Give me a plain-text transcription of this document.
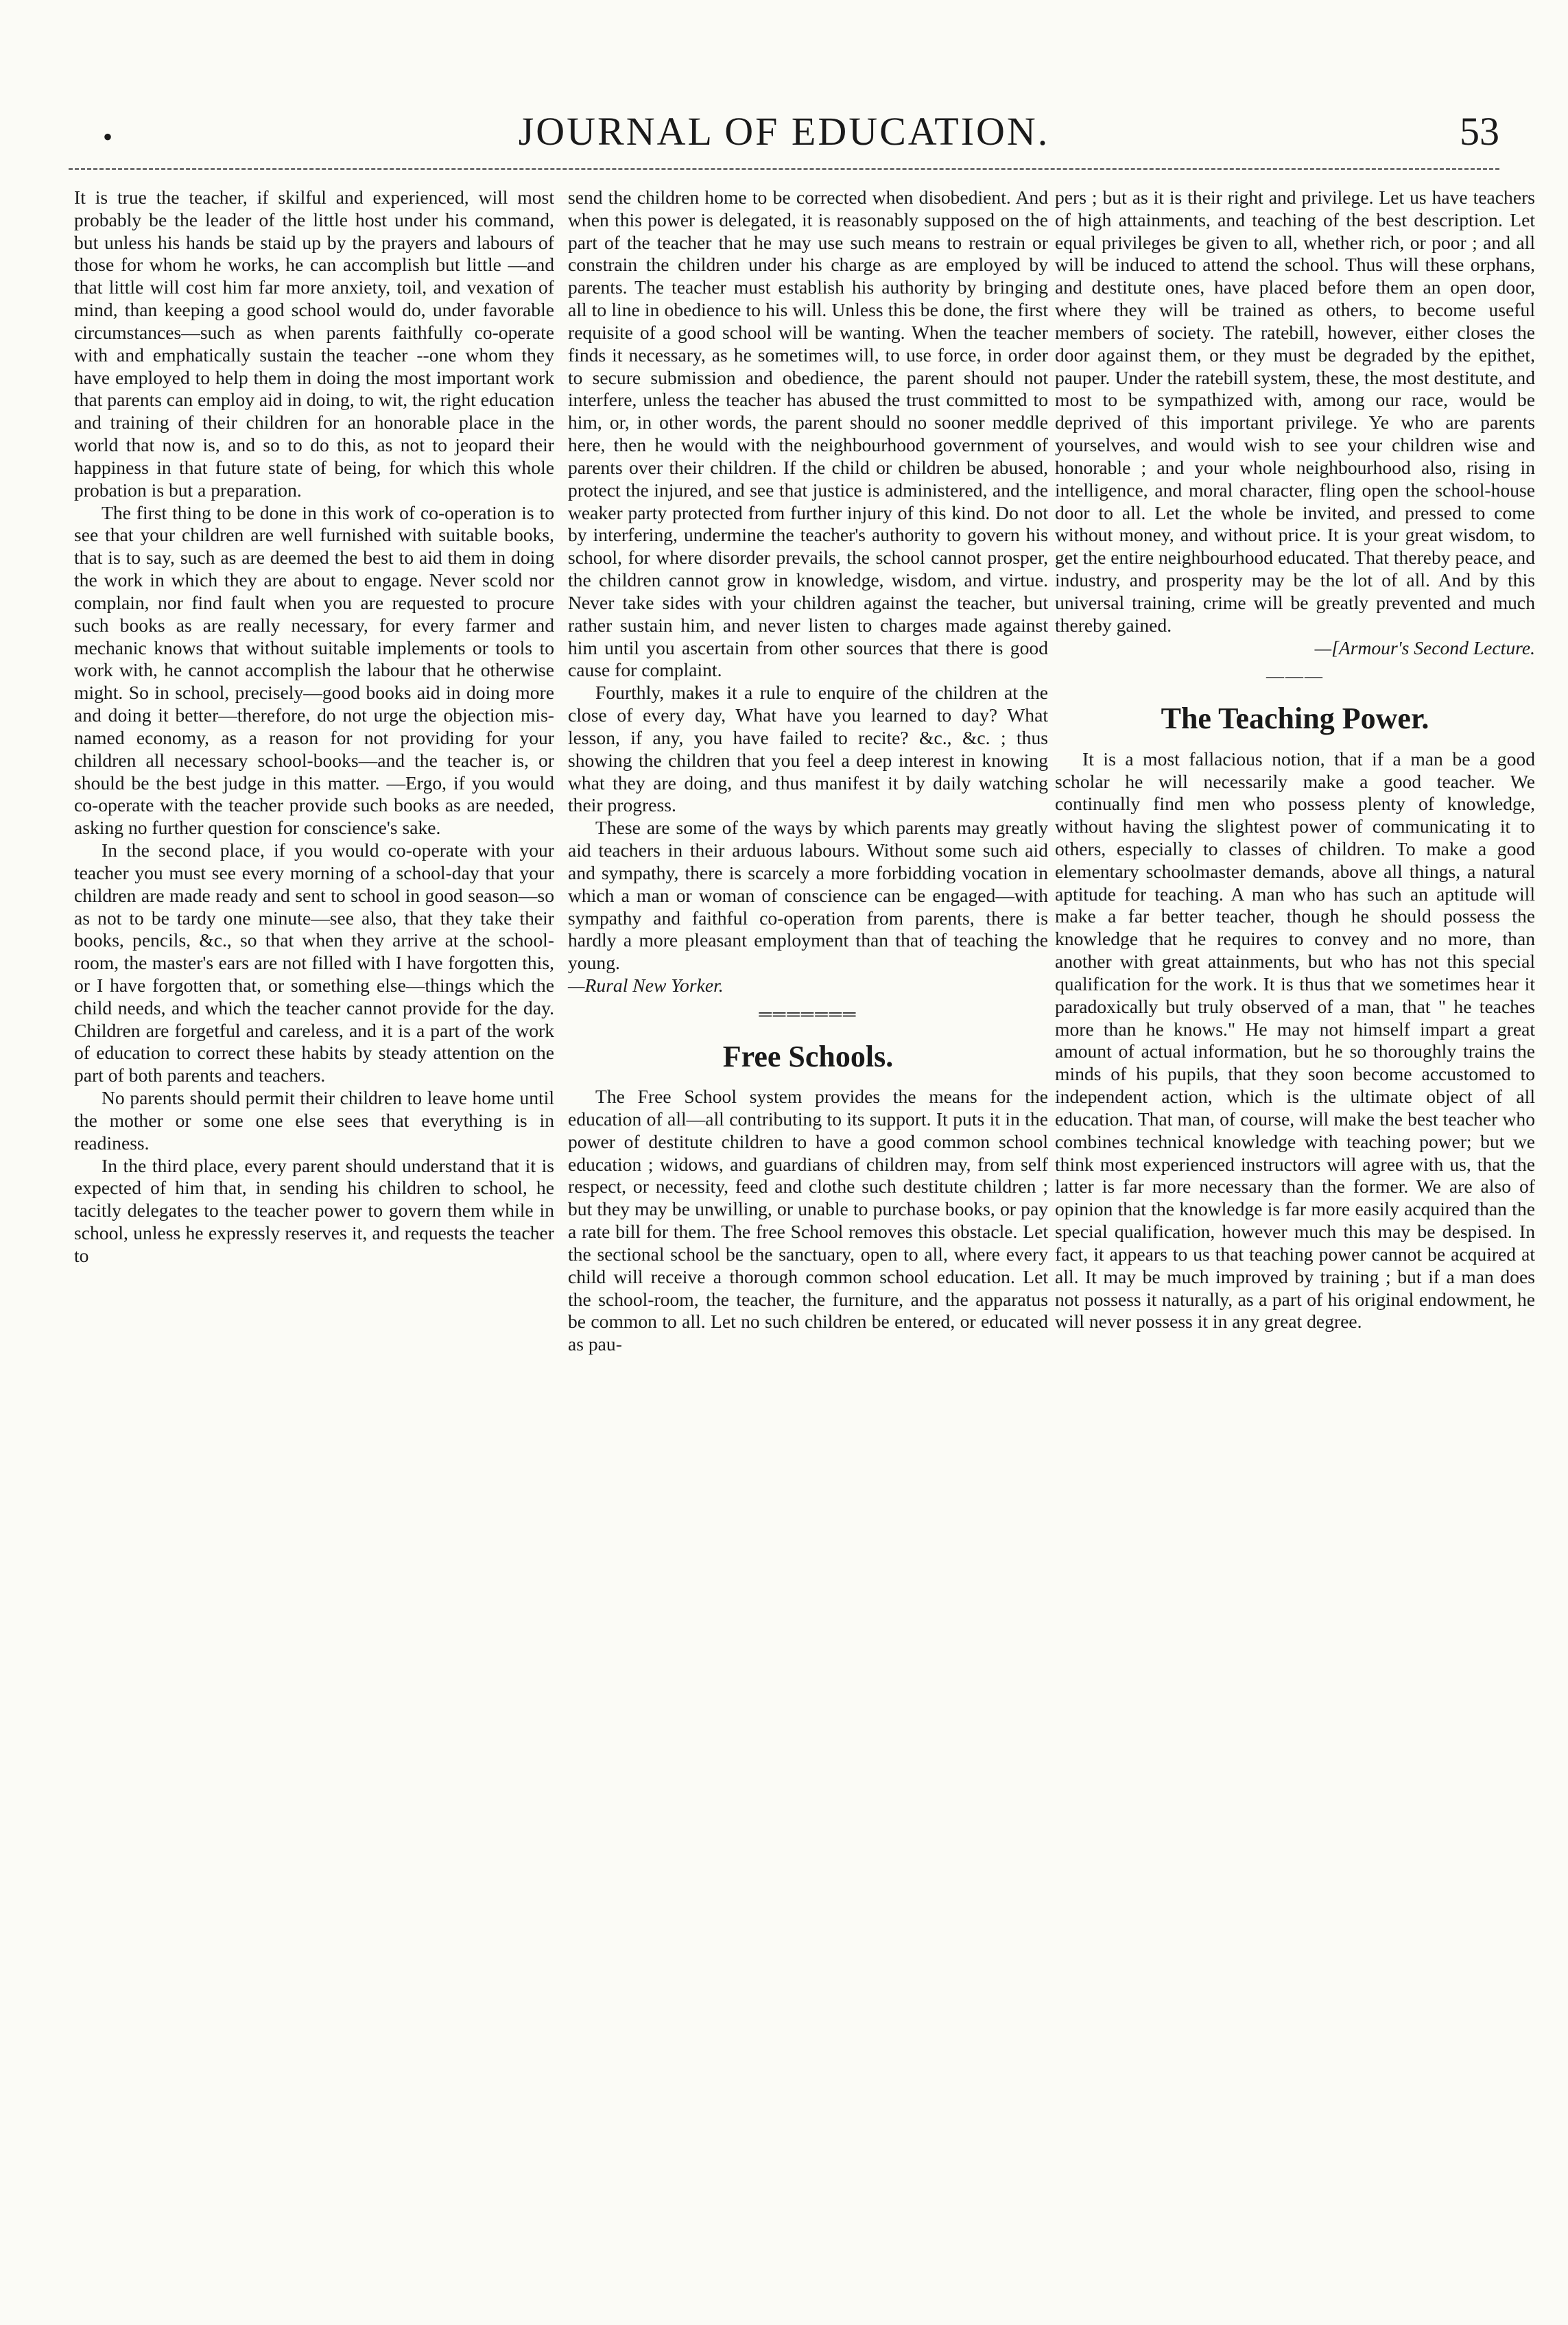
•	JOURNAL OF EDUCATION.	53

It is true the teacher, if skilful and experienced, will most probably be the leader of the little host under his command, but unless his hands be staid up by the prayers and labours of those for whom he works, he can accomplish but little —and that little will cost him far more anxiety, toil, and vexation of mind, than keeping a good school would do, under favorable circumstances—such as when parents faithfully co-operate with and emphatically sustain the teacher --one whom they have employed to help them in doing the most important work that parents can employ aid in doing, to wit, the right education and training of their children for an honorable place in the world that now is, and so to do this, as not to jeopard their happiness in that future state of being, for which this whole probation is but a preparation.

The first thing to be done in this work of co-operation is to see that your children are well furnished with suitable books, that is to say, such as are deemed the best to aid them in doing the work in which they are about to engage. Never scold nor complain, nor find fault when you are requested to procure such books as are really necessary, for every farmer and mechanic knows that without suitable implements or tools to work with, he cannot accomplish the labour that he otherwise might. So in school, precisely—good books aid in doing more and doing it better—therefore, do not urge the objection mis-named economy, as a reason for not providing for your children all necessary school-books—and the teacher is, or should be the best judge in this matter. —Ergo, if you would co-operate with the teacher provide such books as are needed, asking no further question for conscience's sake.

In the second place, if you would co-operate with your teacher you must see every morning of a school-day that your children are made ready and sent to school in good season—so as not to be tardy one minute—see also, that they take their books, pencils, &c., so that when they arrive at the school-room, the master's ears are not filled with I have forgotten this, or I have forgotten that, or something else—things which the child needs, and which the teacher cannot provide for the day. Children are forgetful and careless, and it is a part of the work of education to correct these habits by steady attention on the part of both parents and teachers.

No parents should permit their children to leave home until the mother or some one else sees that everything is in readiness.

In the third place, every parent should understand that it is expected of him that, in sending his children to school, he tacitly delegates to the teacher power to govern them while in school, unless he expressly reserves it, and requests the teacher to

send the children home to be corrected when disobedient. And when this power is delegated, it is reasonably supposed on the part of the teacher that he may use such means to restrain or constrain the children under his charge as are employed by parents. The teacher must establish his authority by bringing all to line in obedience to his will. Unless this be done, the first requisite of a good school will be wanting. When the teacher finds it necessary, as he sometimes will, to use force, in order to secure submission and obedience, the parent should not interfere, unless the teacher has abused the trust committed to him, or, in other words, the parent should no sooner meddle here, then he would with the neighbourhood government of parents over their children. If the child or children be abused, protect the injured, and see that justice is administered, and the weaker party protected from further injury of this kind. Do not by interfering, undermine the teacher's authority to govern his school, for where disorder prevails, the school cannot prosper, the children cannot grow in knowledge, wisdom, and virtue. Never take sides with your children against the teacher, but rather sustain him, and never listen to charges made against him until you ascertain from other sources that there is good cause for complaint.

Fourthly, makes it a rule to enquire of the children at the close of every day, What have you learned to day? What lesson, if any, you have failed to recite? &c., &c. ; thus showing the children that you feel a deep interest in knowing what they are doing, and thus manifest it by daily watching their progress.

These are some of the ways by which parents may greatly aid teachers in their arduous labours. Without some such aid and sympathy, there is scarcely a more forbidding vocation in which a man or woman of conscience can be engaged—with sympathy and faithful co-operation from parents, there is hardly a more pleasant employment than that of teaching the young.

—Rural New Yorker.

═══════
Free Schools.

The Free School system provides the means for the education of all—all contributing to its support. It puts it in the power of destitute children to have a good common school education ; widows, and guardians of children may, from self respect, or necessity, feed and clothe such destitute children ; but they may be unwilling, or unable to purchase books, or pay a rate bill for them. The free School removes this obstacle. Let the sectional school be the sanctuary, open to all, where every child will receive a thorough common school education. Let the school-room, the teacher, the furniture, and the apparatus be common to all. Let no such children be entered, or educated as pau-

pers ; but as it is their right and privilege. Let us have teachers of high attainments, and teaching of the best description. Let equal privileges be given to all, whether rich, or poor ; and all will be induced to attend the school. Thus will these orphans, and destitute ones, have placed before them an open door, where they will be trained as others, to become useful members of society. The ratebill, however, either closes the door against them, or they must be degraded by the epithet, pauper. Under the ratebill system, these, the most destitute, and most to be sympathized with, among our race, would be deprived of this important privilege. Ye who are parents yourselves, and would wish to see your children wise and honorable ; and your whole neighbourhood also, rising in intelligence, and moral character, fling open the school-house door to all. Let the whole be invited, and pressed to come without money, and without price. It is your great wisdom, to get the entire neighbourhood educated. That thereby peace, and industry, and prosperity may be the lot of all. And by this universal training, crime will be greatly prevented and much thereby gained.

—[Armour's Second Lecture.

———
The Teaching Power.

It is a most fallacious notion, that if a man be a good scholar he will necessarily make a good teacher. We continually find men who possess plenty of knowledge, without having the slightest power of communicating it to others, especially to classes of children. To make a good elementary schoolmaster demands, above all things, a natural aptitude for teaching. A man who has such an aptitude will make a far better teacher, though he should possess the knowledge that he requires to convey and no more, than another with great attainments, but who has not this special qualification for the work. It is thus that we sometimes hear it paradoxically but truly observed of a man, that " he teaches more than he knows." He may not himself impart a great amount of actual information, but he so thoroughly trains the minds of his pupils, that they soon become accustomed to independent action, which is the ultimate object of all education. That man, of course, will make the best teacher who combines technical knowledge with teaching power; but we think most experienced instructors will agree with us, that the latter is far more necessary than the former. We are also of opinion that the knowledge is far more easily acquired than the special qualification, however much this may be despised. In fact, it appears to us that teaching power cannot be acquired at all. It may be much improved by training ; but if a man does not possess it naturally, as a part of his original endowment, he will never possess it in any great degree.
